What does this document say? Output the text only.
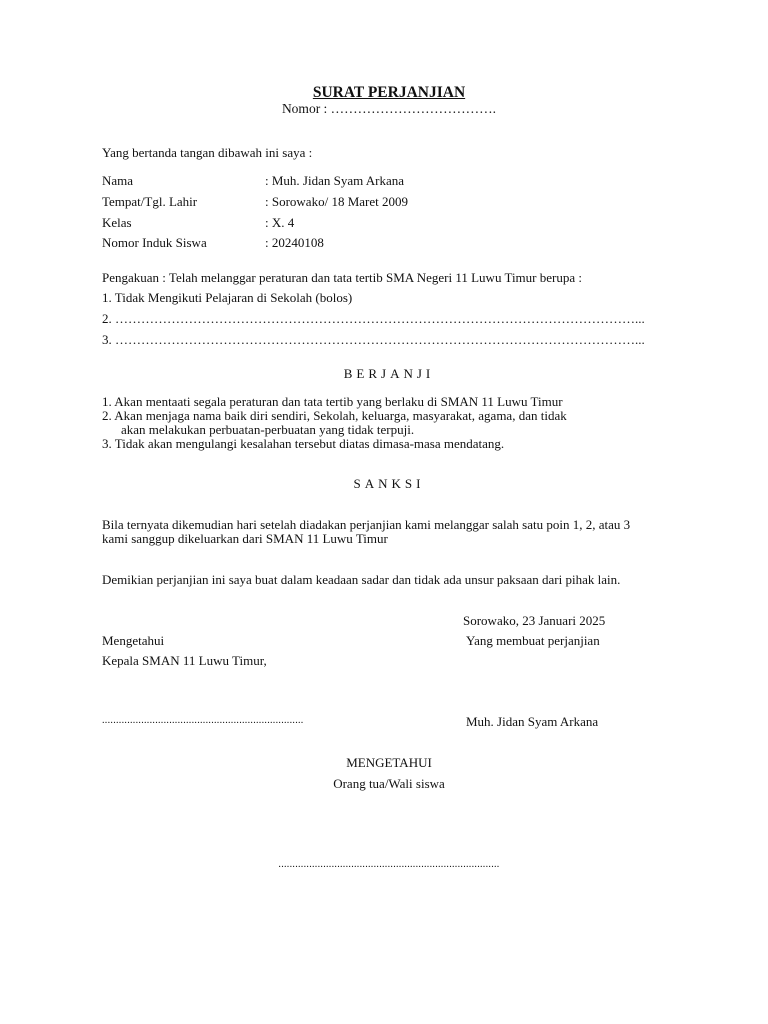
SURAT PERJANJIAN
Nomor : ……………………………….
Yang bertanda tangan dibawah ini saya :
Nama	: Muh. Jidan Syam Arkana
Tempat/Tgl. Lahir	: Sorowako/ 18 Maret 2009
Kelas	: X. 4
Nomor Induk Siswa	: 20240108
Pengakuan : Telah melanggar peraturan dan tata tertib SMA Negeri 11 Luwu Timur berupa :
1. Tidak Mengikuti Pelajaran di Sekolah (bolos)
2. …………………………………………………………………………………………………………...
3. …………………………………………………………………………………………………………...
BERJANJI
1. Akan mentaati segala peraturan dan tata tertib yang berlaku di SMAN 11 Luwu Timur
2. Akan menjaga nama baik diri sendiri, Sekolah, keluarga, masyarakat, agama, dan tidak
akan melakukan perbuatan-perbuatan yang tidak terpuji.
3. Tidak akan mengulangi kesalahan tersebut diatas dimasa-masa mendatang.
SANKSI
Bila ternyata dikemudian hari setelah diadakan perjanjian kami melanggar salah satu poin 1, 2, atau 3
kami sanggup dikeluarkan dari SMAN 11 Luwu Timur
Demikian perjanjian ini saya buat dalam keadaan sadar dan tidak ada unsur paksaan dari pihak lain.
Sorowako, 23 Januari 2025
Mengetahui	Yang membuat perjanjian
Kepala SMAN 11 Luwu Timur,
........................................................................	Muh. Jidan Syam Arkana
MENGETAHUI
Orang tua/Wali siswa
...............................................................................
